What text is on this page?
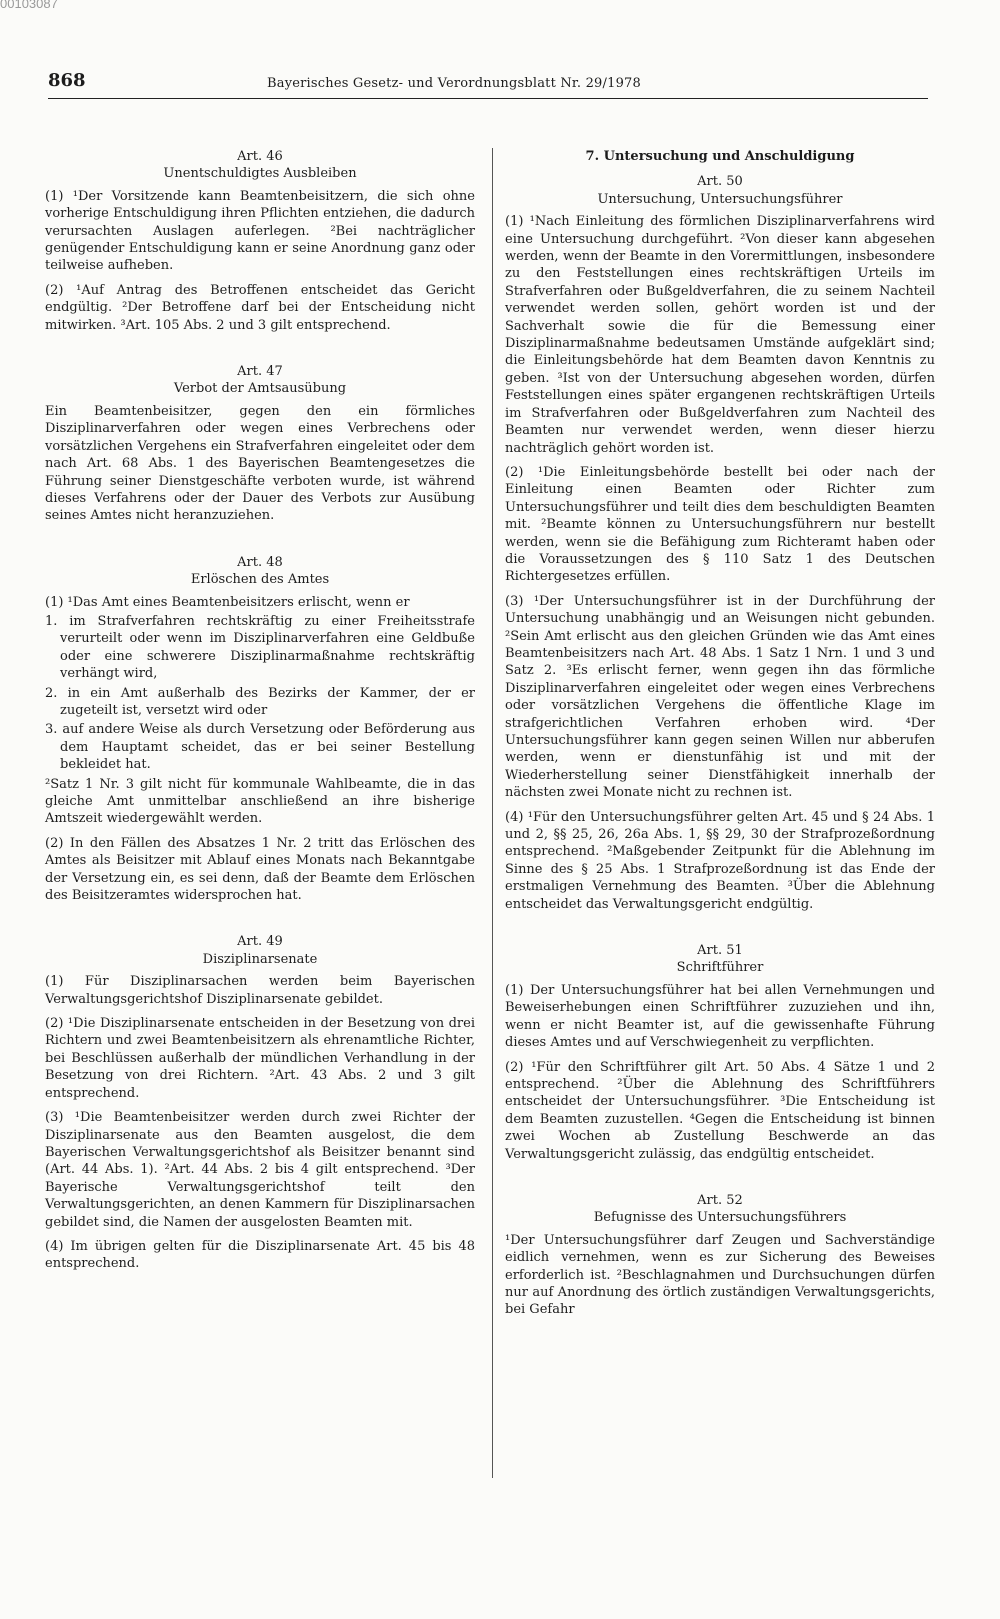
00103087
868	Bayerisches Gesetz- und Verordnungsblatt Nr. 29/1978

Art. 46

Unentschuldigtes Ausbleiben

(1) ¹Der Vorsitzende kann Beamtenbeisitzern, die sich ohne vorherige Entschuldigung ihren Pflichten entziehen, die dadurch verursachten Auslagen auferlegen. ²Bei nachträglicher genügender Entschuldigung kann er seine Anordnung ganz oder teilweise aufheben.

(2) ¹Auf Antrag des Betroffenen entscheidet das Gericht endgültig. ²Der Betroffene darf bei der Entscheidung nicht mitwirken. ³Art. 105 Abs. 2 und 3 gilt entsprechend.

Art. 47

Verbot der Amtsausübung

Ein Beamtenbeisitzer, gegen den ein förmliches Disziplinarverfahren oder wegen eines Verbrechens oder vorsätzlichen Vergehens ein Strafverfahren eingeleitet oder dem nach Art. 68 Abs. 1 des Bayerischen Beamtengesetzes die Führung seiner Dienstgeschäfte verboten wurde, ist während dieses Verfahrens oder der Dauer des Verbots zur Ausübung seines Amtes nicht heranzuziehen.

Art. 48

Erlöschen des Amtes

(1) ¹Das Amt eines Beamtenbeisitzers erlischt, wenn er

1. im Strafverfahren rechtskräftig zu einer Freiheitsstrafe verurteilt oder wenn im Disziplinarverfahren eine Geldbuße oder eine schwerere Disziplinarmaßnahme rechtskräftig verhängt wird,

2. in ein Amt außerhalb des Bezirks der Kammer, der er zugeteilt ist, versetzt wird oder

3. auf andere Weise als durch Versetzung oder Beförderung aus dem Hauptamt scheidet, das er bei seiner Bestellung bekleidet hat.

²Satz 1 Nr. 3 gilt nicht für kommunale Wahlbeamte, die in das gleiche Amt unmittelbar anschließend an ihre bisherige Amtszeit wiedergewählt werden.

(2) In den Fällen des Absatzes 1 Nr. 2 tritt das Erlöschen des Amtes als Beisitzer mit Ablauf eines Monats nach Bekanntgabe der Versetzung ein, es sei denn, daß der Beamte dem Erlöschen des Beisitzeramtes widersprochen hat.

Art. 49

Disziplinarsenate

(1) Für Disziplinarsachen werden beim Bayerischen Verwaltungsgerichtshof Disziplinarsenate gebildet.

(2) ¹Die Disziplinarsenate entscheiden in der Besetzung von drei Richtern und zwei Beamtenbeisitzern als ehrenamtliche Richter, bei Beschlüssen außerhalb der mündlichen Verhandlung in der Besetzung von drei Richtern. ²Art. 43 Abs. 2 und 3 gilt entsprechend.

(3) ¹Die Beamtenbeisitzer werden durch zwei Richter der Disziplinarsenate aus den Beamten ausgelost, die dem Bayerischen Verwaltungsgerichtshof als Beisitzer benannt sind (Art. 44 Abs. 1). ²Art. 44 Abs. 2 bis 4 gilt entsprechend. ³Der Bayerische Verwaltungsgerichtshof teilt den Verwaltungsgerichten, an denen Kammern für Disziplinarsachen gebildet sind, die Namen der ausgelosten Beamten mit.

(4) Im übrigen gelten für die Disziplinarsenate Art. 45 bis 48 entsprechend.

7. Untersuchung und Anschuldigung

Art. 50

Untersuchung, Untersuchungsführer

(1) ¹Nach Einleitung des förmlichen Disziplinarverfahrens wird eine Untersuchung durchgeführt. ²Von dieser kann abgesehen werden, wenn der Beamte in den Vorermittlungen, insbesondere zu den Feststellungen eines rechtskräftigen Urteils im Strafverfahren oder Bußgeldverfahren, die zu seinem Nachteil verwendet werden sollen, gehört worden ist und der Sachverhalt sowie die für die Bemessung einer Disziplinarmaßnahme bedeutsamen Umstände aufgeklärt sind; die Einleitungsbehörde hat dem Beamten davon Kenntnis zu geben. ³Ist von der Untersuchung abgesehen worden, dürfen Feststellungen eines später ergangenen rechtskräftigen Urteils im Strafverfahren oder Bußgeldverfahren zum Nachteil des Beamten nur verwendet werden, wenn dieser hierzu nachträglich gehört worden ist.

(2) ¹Die Einleitungsbehörde bestellt bei oder nach der Einleitung einen Beamten oder Richter zum Untersuchungsführer und teilt dies dem beschuldigten Beamten mit. ²Beamte können zu Untersuchungsführern nur bestellt werden, wenn sie die Befähigung zum Richteramt haben oder die Voraussetzungen des § 110 Satz 1 des Deutschen Richtergesetzes erfüllen.

(3) ¹Der Untersuchungsführer ist in der Durchführung der Untersuchung unabhängig und an Weisungen nicht gebunden. ²Sein Amt erlischt aus den gleichen Gründen wie das Amt eines Beamtenbeisitzers nach Art. 48 Abs. 1 Satz 1 Nrn. 1 und 3 und Satz 2. ³Es erlischt ferner, wenn gegen ihn das förmliche Disziplinarverfahren eingeleitet oder wegen eines Verbrechens oder vorsätzlichen Vergehens die öffentliche Klage im strafgerichtlichen Verfahren erhoben wird. ⁴Der Untersuchungsführer kann gegen seinen Willen nur abberufen werden, wenn er dienstunfähig ist und mit der Wiederherstellung seiner Dienstfähigkeit innerhalb der nächsten zwei Monate nicht zu rechnen ist.

(4) ¹Für den Untersuchungsführer gelten Art. 45 und § 24 Abs. 1 und 2, §§ 25, 26, 26a Abs. 1, §§ 29, 30 der Strafprozeßordnung entsprechend. ²Maßgebender Zeitpunkt für die Ablehnung im Sinne des § 25 Abs. 1 Strafprozeßordnung ist das Ende der erstmaligen Vernehmung des Beamten. ³Über die Ablehnung entscheidet das Verwaltungsgericht endgültig.

Art. 51

Schriftführer

(1) Der Untersuchungsführer hat bei allen Vernehmungen und Beweiserhebungen einen Schriftführer zuzuziehen und ihn, wenn er nicht Beamter ist, auf die gewissenhafte Führung dieses Amtes und auf Verschwiegenheit zu verpflichten.

(2) ¹Für den Schriftführer gilt Art. 50 Abs. 4 Sätze 1 und 2 entsprechend. ²Über die Ablehnung des Schriftführers entscheidet der Untersuchungsführer. ³Die Entscheidung ist dem Beamten zuzustellen. ⁴Gegen die Entscheidung ist binnen zwei Wochen ab Zustellung Beschwerde an das Verwaltungsgericht zulässig, das endgültig entscheidet.

Art. 52

Befugnisse des Untersuchungsführers

¹Der Untersuchungsführer darf Zeugen und Sachverständige eidlich vernehmen, wenn es zur Sicherung des Beweises erforderlich ist. ²Beschlagnahmen und Durchsuchungen dürfen nur auf Anordnung des örtlich zuständigen Verwaltungsgerichts, bei Gefahr
